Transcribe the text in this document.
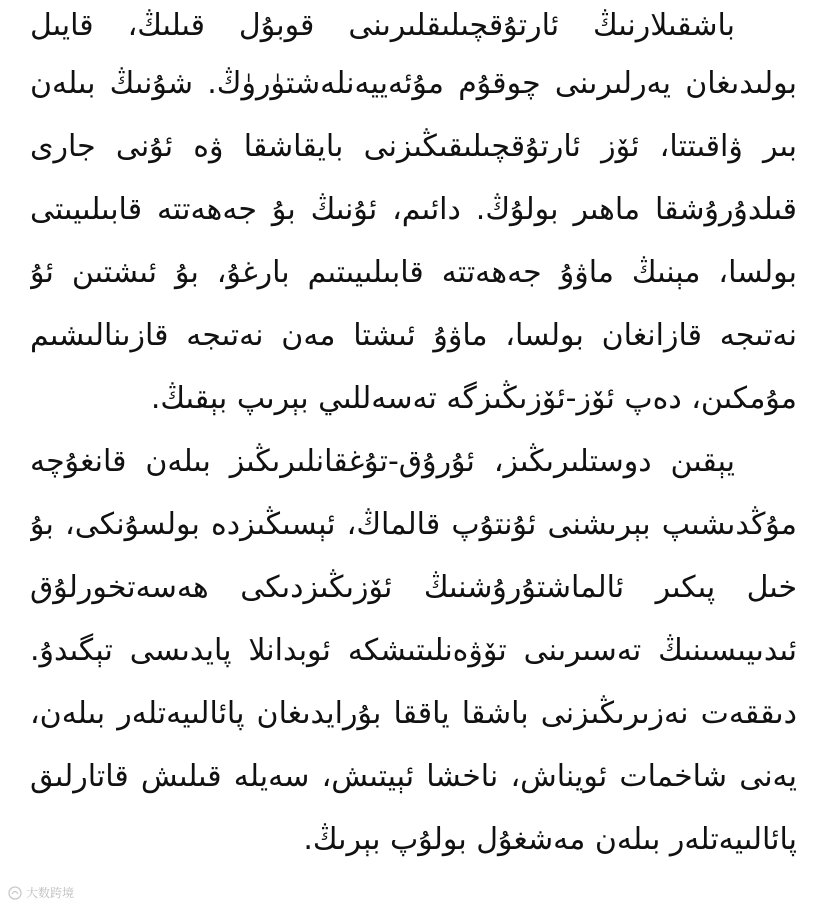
باشقىلارنىڭ ئارتۇقچىلىقلىرىنى قوبۇل قىلىڭ، قايىل
بولىدىغان يەرلىرىنى چوقۇم مۇئەييەنلەشتۈرۈڭ. شۇنىڭ بىلەن
بىر ۋاقىتتا، ئۆز ئارتۇقچىلىقىڭىزنى بايقاشقا ۋە ئۇنى جارى
قىلدۇرۇشقا ماھىر بولۇڭ. دائىم، ئۇنىڭ بۇ جەھەتتە قابىلىيىتى
بولسا، مېنىڭ ماۋۇ جەھەتتە قابىلىيىتىم بارغۇ، بۇ ئىشتىن ئۇ
نەتىجە قازانغان بولسا، ماۋۇ ئىشتا مەن نەتىجە قازىنالىشىم
مۇمكىن، دەپ ئۆز-ئۆزىڭىزگە تەسەللىي بېرىپ بېقىڭ.
يېقىن دوستلىرىڭىز، ئۇرۇق-تۇغقانلىرىڭىز بىلەن قانغۇچە
مۇڭدىشىپ بېرىشنى ئۇنتۇپ قالماڭ، ئېسىڭىزدە بولسۇنكى، بۇ
خىل پىكىر ئالماشتۇرۇشنىڭ ئۆزىڭىزدىكى ھەسەتخورلۇق
ئىدىيىسىنىڭ تەسىرىنى تۆۋەنلىتىشكە ئوبدانلا پايدىسى تېگىدۇ.
دىققەت نەزىرىڭىزنى باشقا ياققا بۇرايدىغان پائالىيەتلەر بىلەن،
يەنى شاخمات ئويناش، ناخشا ئېيتىش، سەيلە قىلىش قاتارلىق
پائالىيەتلەر بىلەن مەشغۇل بولۇپ بېرىڭ.
大数跨境
